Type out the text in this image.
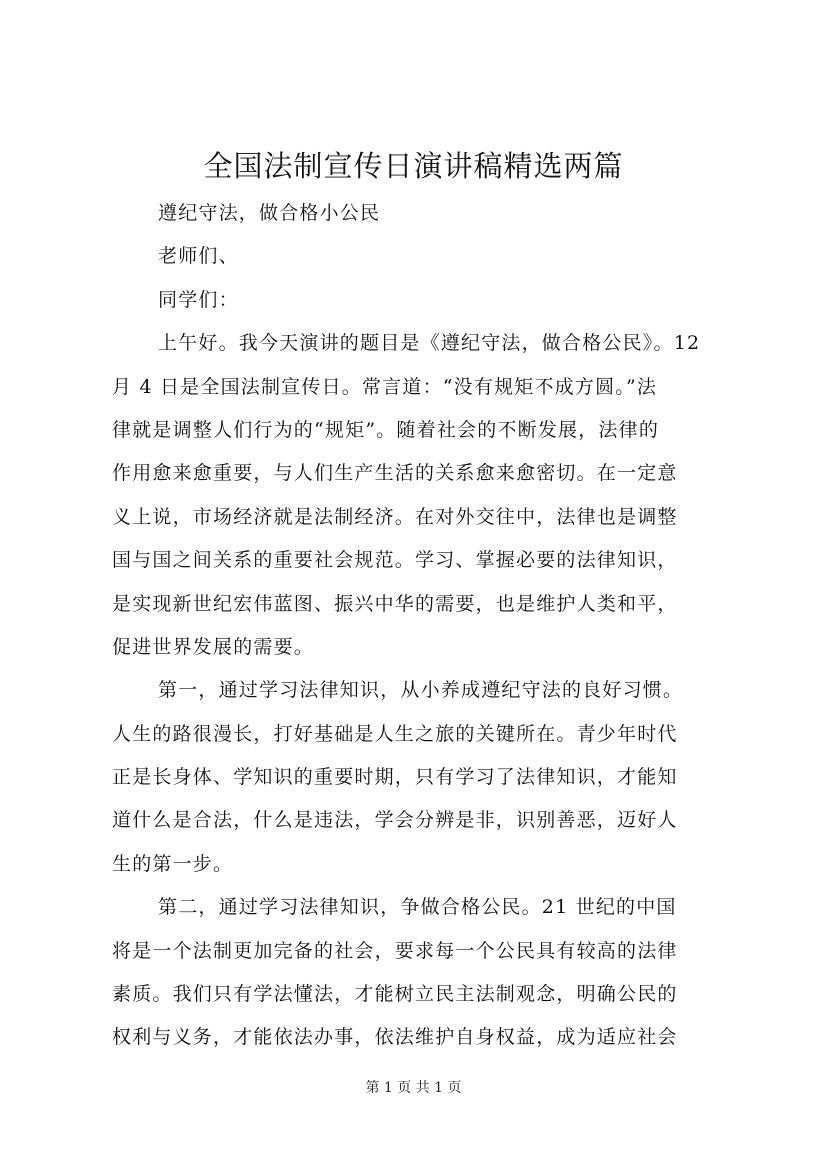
全国法制宣传日演讲稿精选两篇
遵纪守法，做合格小公民
老师们、
同学们：
上午好。我今天演讲的题目是《遵纪守法，做合格公民》。12
月 4 日是全国法制宣传日。常言道：“没有规矩不成方圆。”法
律就是调整人们行为的“规矩”。随着社会的不断发展，法律的
作用愈来愈重要，与人们生产生活的关系愈来愈密切。在一定意
义上说，市场经济就是法制经济。在对外交往中，法律也是调整
国与国之间关系的重要社会规范。学习、掌握必要的法律知识，
是实现新世纪宏伟蓝图、振兴中华的需要，也是维护人类和平，
促进世界发展的需要。
第一，通过学习法律知识，从小养成遵纪守法的良好习惯。
人生的路很漫长，打好基础是人生之旅的关键所在。青少年时代
正是长身体、学知识的重要时期，只有学习了法律知识，才能知
道什么是合法，什么是违法，学会分辨是非，识别善恶，迈好人
生的第一步。
第二，通过学习法律知识，争做合格公民。21 世纪的中国
将是一个法制更加完备的社会，要求每一个公民具有较高的法律
素质。我们只有学法懂法，才能树立民主法制观念，明确公民的
权利与义务，才能依法办事，依法维护自身权益，成为适应社会
第 1 页 共 1 页
